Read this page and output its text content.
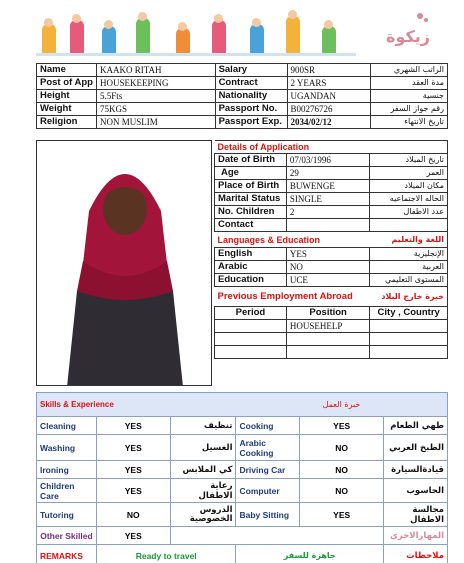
زيكوة
Name	KAAKO RITAH	Salary	900SR	الراتب الشهري
Post of App	HOUSEKEEPING	Contract	2 YEARS	مدة العقد
Height	5.5Fts	Nationality	UGANDAN	جنسية
Weight	75KGS	Passport No.	B00276726	رقم جواز السفر
Religion	NON MUSLIM	Passport Exp.	2034/02/12	تاريخ الانتهاء
Details of Application		
Date of Birth	07/03/1996	تاريخ الميلاد
Age	29	العمر
Place of Birth	BUWENGE	مكان الميلاد
Marital Status	SINGLE	الحاله الاجتماعيه
No. Children	2	عدد الاطفال
Contact		
Languages & Education		اللغة والتعليم
English	YES	الإنجليزية
Arabic	NO	العربية
Education	UCE	المستوى التعليمي
Previous Employment Abroad		خبرة خارج البلاد
Period	Position	City , Country
	HOUSEHELP	

Skills & Experience			خبرة العمل		
Cleaning	YES	تنظيف	Cooking	YES	طهي الطعام
Washing	YES	الغسيل	Arabic Cooking	NO	الطبخ العربي
Ironing	YES	كي الملابس	Driving Car	NO	قيادةالسيارة
Children Care	YES	رعاية الاطفال	Computer	NO	الحاسوب
Tutoring	NO	الدروس الخصوصية	Baby Sitting	YES	مجالسة الاطفال
Other Skilled	YES				المهارالاخرى
REMARKS	Ready to travel		جاهزة للسفر		ملاحظات
